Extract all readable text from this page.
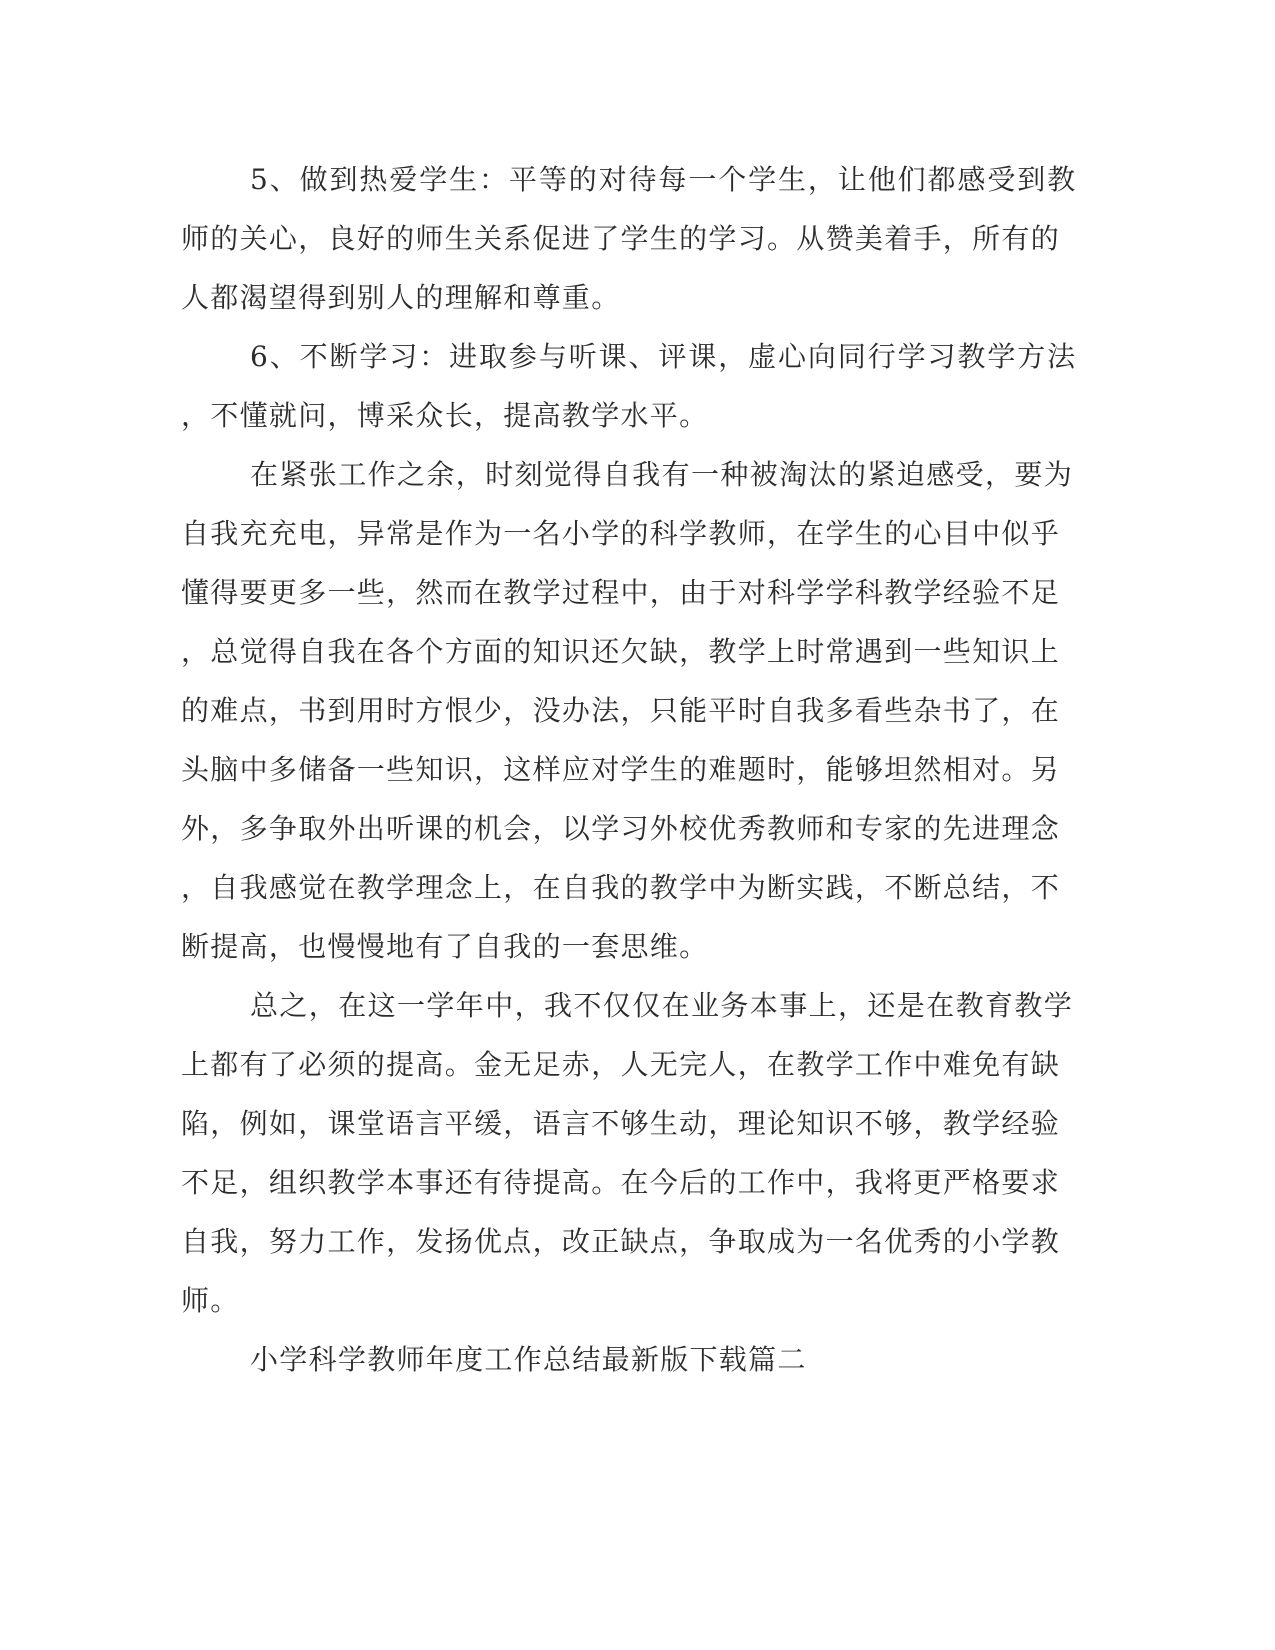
5、做到热爱学生：平等的对待每一个学生，让他们都感受到教
师的关心，良好的师生关系促进了学生的学习。从赞美着手，所有的
人都渴望得到别人的理解和尊重。
6、不断学习：进取参与听课、评课，虚心向同行学习教学方法
，不懂就问，博采众长，提高教学水平。
在紧张工作之余，时刻觉得自我有一种被淘汰的紧迫感受，要为
自我充充电，异常是作为一名小学的科学教师，在学生的心目中似乎
懂得要更多一些，然而在教学过程中，由于对科学学科教学经验不足
，总觉得自我在各个方面的知识还欠缺，教学上时常遇到一些知识上
的难点，书到用时方恨少，没办法，只能平时自我多看些杂书了，在
头脑中多储备一些知识，这样应对学生的难题时，能够坦然相对。另
外，多争取外出听课的机会，以学习外校优秀教师和专家的先进理念
，自我感觉在教学理念上，在自我的教学中为断实践，不断总结，不
断提高，也慢慢地有了自我的一套思维。
总之，在这一学年中，我不仅仅在业务本事上，还是在教育教学
上都有了必须的提高。金无足赤，人无完人，在教学工作中难免有缺
陷，例如，课堂语言平缓，语言不够生动，理论知识不够，教学经验
不足，组织教学本事还有待提高。在今后的工作中，我将更严格要求
自我，努力工作，发扬优点，改正缺点，争取成为一名优秀的小学教
师。
小学科学教师年度工作总结最新版下载篇二
